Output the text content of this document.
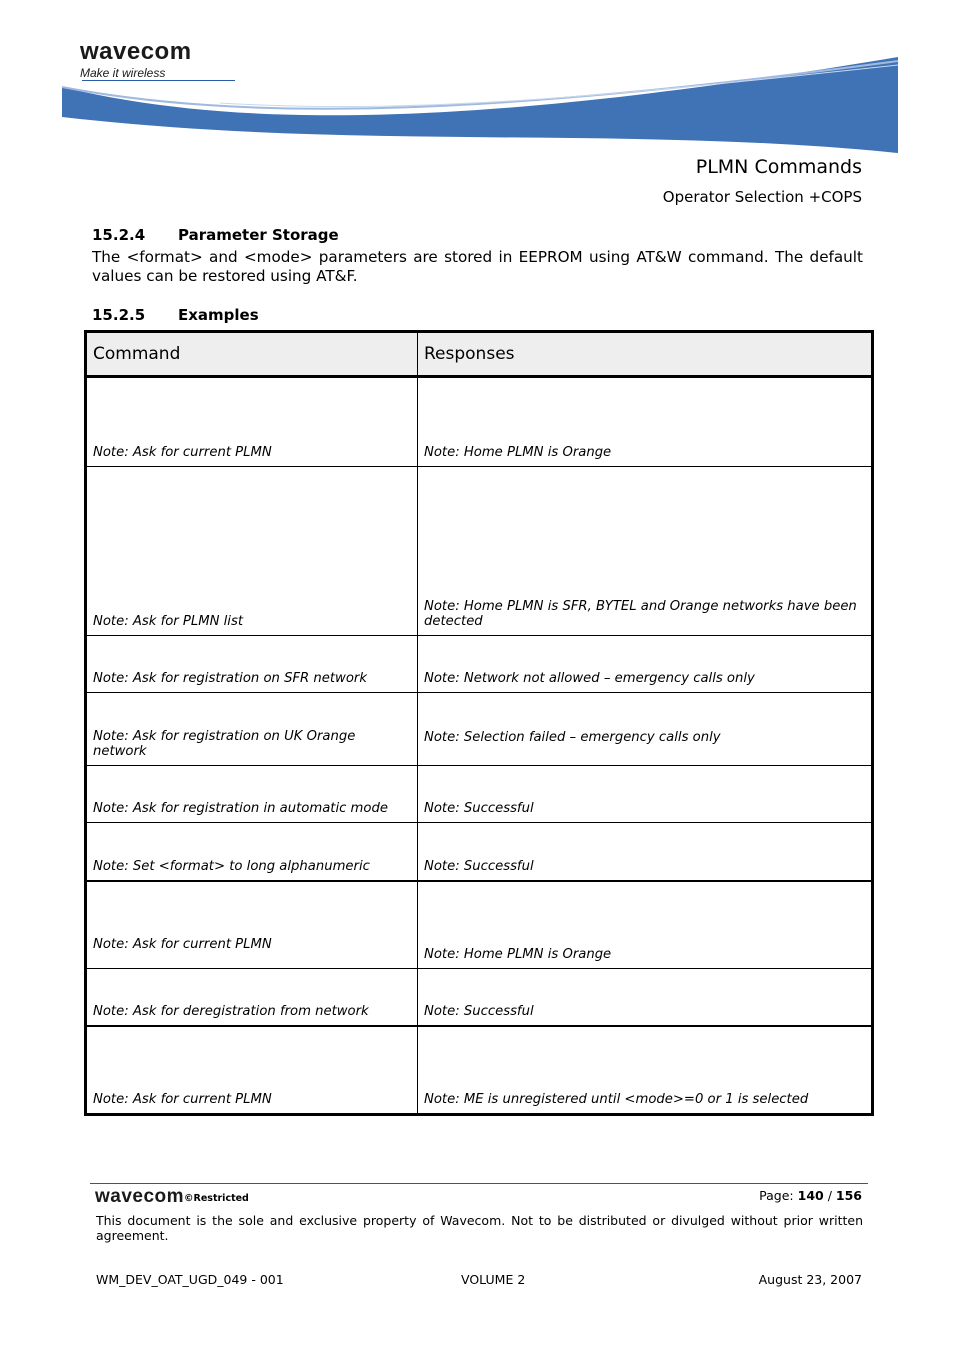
wavecom
Make it wireless
PLMN Commands
Operator Selection +COPS
15.2.4 Parameter Storage
The <format> and <mode> parameters are stored in EEPROM using AT&W command. The default values can be restored using AT&F.
15.2.5 Examples
Command	Responses
Note: Ask for current PLMN	Note: Home PLMN is Orange
Note: Ask for PLMN list	Note: Home PLMN is SFR, BYTEL and Orange networks have been detected
Note: Ask for registration on SFR network	Note: Network not allowed – emergency calls only
Note: Ask for registration on UK Orange network	Note: Selection failed – emergency calls only
Note: Ask for registration in automatic mode	Note: Successful
Note: Set <format> to long alphanumeric	Note: Successful
Note: Ask for current PLMN	Note: Home PLMN is Orange
Note: Ask for deregistration from network	Note: Successful
Note: Ask for current PLMN	Note: ME is unregistered until <mode>=0 or 1 is selected
wavecom©Restricted	Page: 140 / 156
This document is the sole and exclusive property of Wavecom. Not to be distributed or divulged without prior written agreement.
WM_DEV_OAT_UGD_049 - 001	VOLUME 2	August 23, 2007
